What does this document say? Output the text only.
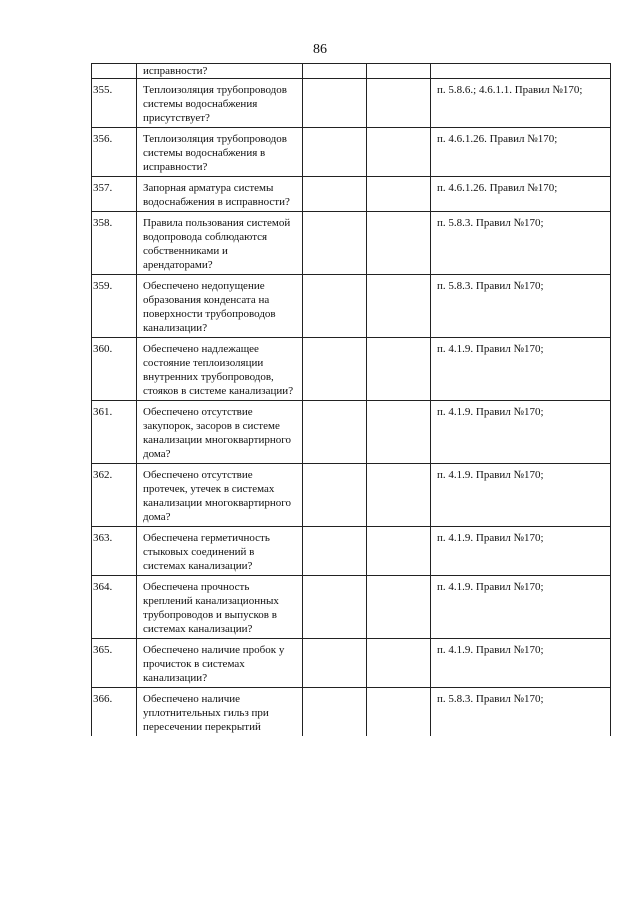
86
	исправности?			

355.	Теплоизоляция трубопроводов системы водоснабжения присутствует?			п. 5.8.6.; 4.6.1.1. Правил №170;

356.	Теплоизоляция трубопроводов системы водоснабжения в исправности?			п. 4.6.1.26. Правил №170;

357.	Запорная арматура системы водоснабжения в исправности?			п. 4.6.1.26. Правил №170;

358.	Правила пользования системой водопровода соблюдаются собственниками и арендаторами?			п. 5.8.3. Правил №170;

359.	Обеспечено недопущение образования конденсата на поверхности трубопроводов канализации?			п. 5.8.3. Правил №170;

360.	Обеспечено надлежащее состояние теплоизоляции внутренних трубопроводов, стояков в системе канализации?			п. 4.1.9. Правил №170;

361.	Обеспечено отсутствие закупорок, засоров в системе канализации многоквартирного дома?			п. 4.1.9. Правил №170;

362.	Обеспечено отсутствие протечек, утечек в системах канализации многоквартирного дома?			п. 4.1.9. Правил №170;

363.	Обеспечена герметичность стыковых соединений в системах канализации?			п. 4.1.9. Правил №170;

364.	Обеспечена прочность креплений канализационных трубопроводов и выпусков в системах канализации?			п. 4.1.9. Правил №170;

365.	Обеспечено наличие пробок у прочисток в системах канализации?			п. 4.1.9. Правил №170;

366.	Обеспечено наличие уплотнительных гильз при пересечении перекрытий			п. 5.8.3. Правил №170;
